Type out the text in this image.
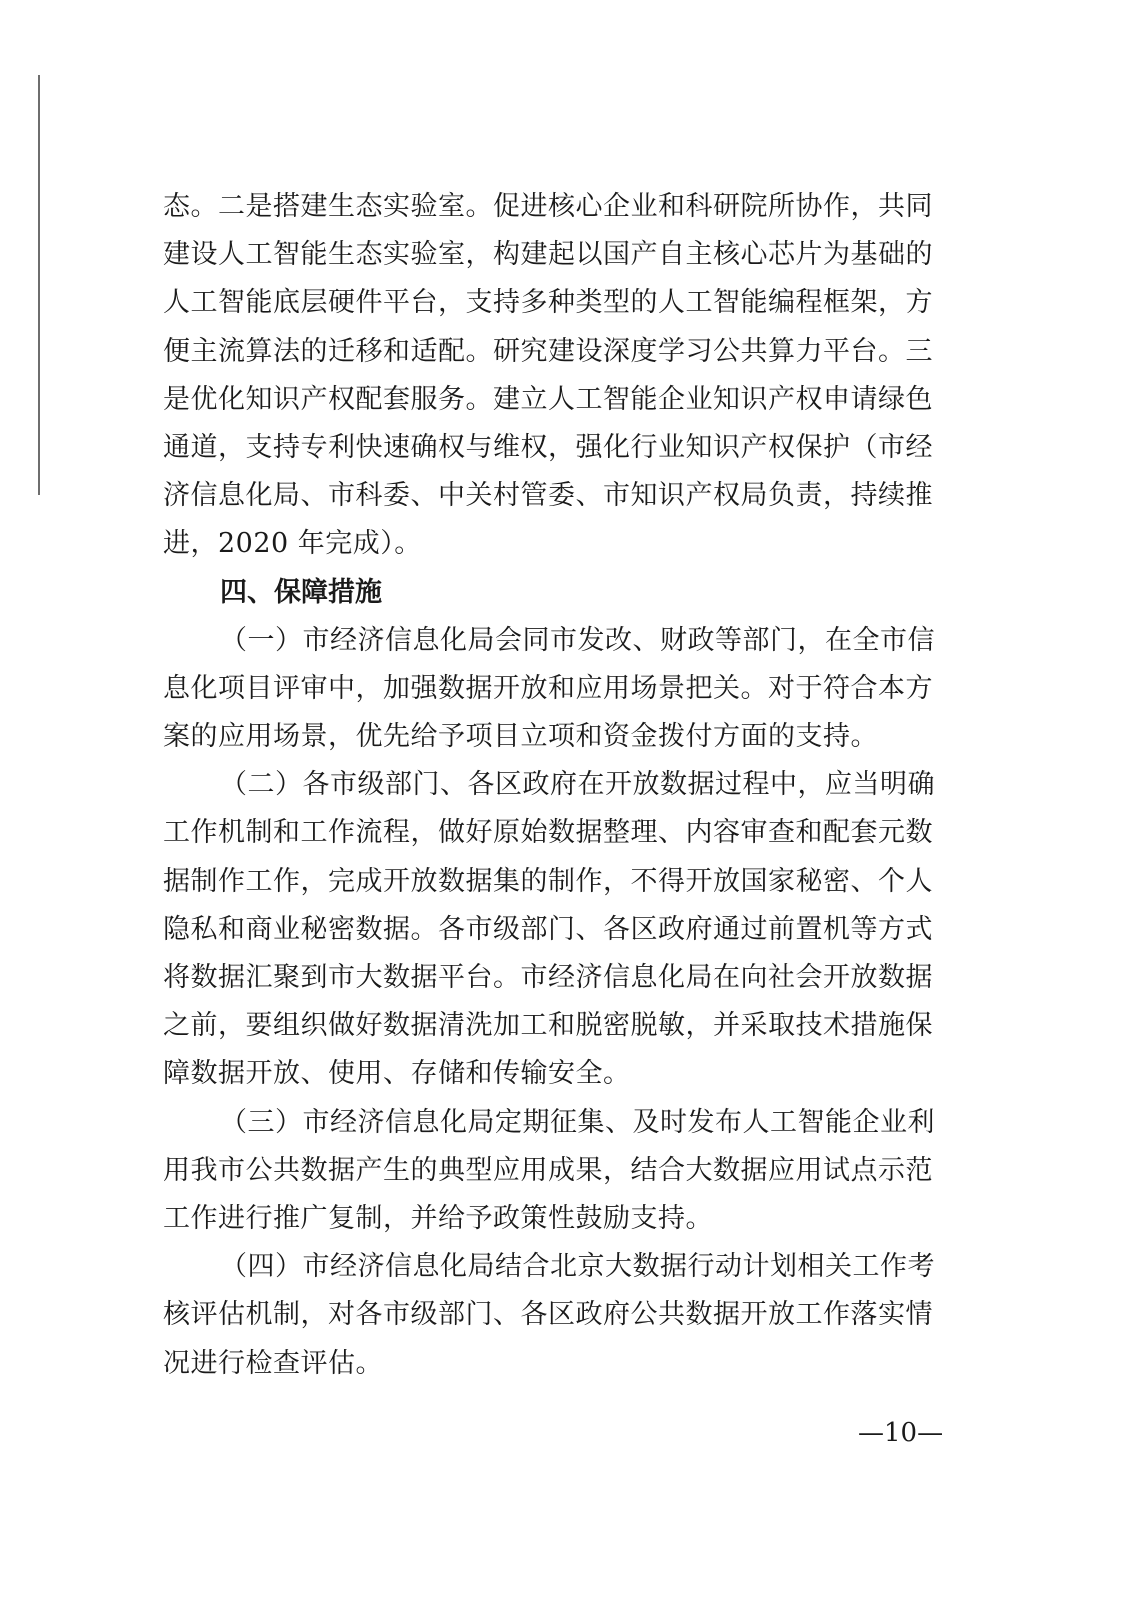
态。二是搭建生态实验室。促进核心企业和科研院所协作，共同
建设人工智能生态实验室，构建起以国产自主核心芯片为基础的
人工智能底层硬件平台，支持多种类型的人工智能编程框架，方
便主流算法的迁移和适配。研究建设深度学习公共算力平台。三
是优化知识产权配套服务。建立人工智能企业知识产权申请绿色
通道，支持专利快速确权与维权，强化行业知识产权保护（市经
济信息化局、市科委、中关村管委、市知识产权局负责，持续推
进，2020 年完成）。
四、保障措施
（一）市经济信息化局会同市发改、财政等部门，在全市信
息化项目评审中，加强数据开放和应用场景把关。对于符合本方
案的应用场景，优先给予项目立项和资金拨付方面的支持。
（二）各市级部门、各区政府在开放数据过程中，应当明确
工作机制和工作流程，做好原始数据整理、内容审查和配套元数
据制作工作，完成开放数据集的制作，不得开放国家秘密、个人
隐私和商业秘密数据。各市级部门、各区政府通过前置机等方式
将数据汇聚到市大数据平台。市经济信息化局在向社会开放数据
之前，要组织做好数据清洗加工和脱密脱敏，并采取技术措施保
障数据开放、使用、存储和传输安全。
（三）市经济信息化局定期征集、及时发布人工智能企业利
用我市公共数据产生的典型应用成果，结合大数据应用试点示范
工作进行推广复制，并给予政策性鼓励支持。
（四）市经济信息化局结合北京大数据行动计划相关工作考
核评估机制，对各市级部门、各区政府公共数据开放工作落实情
况进行检查评估。
—10—
